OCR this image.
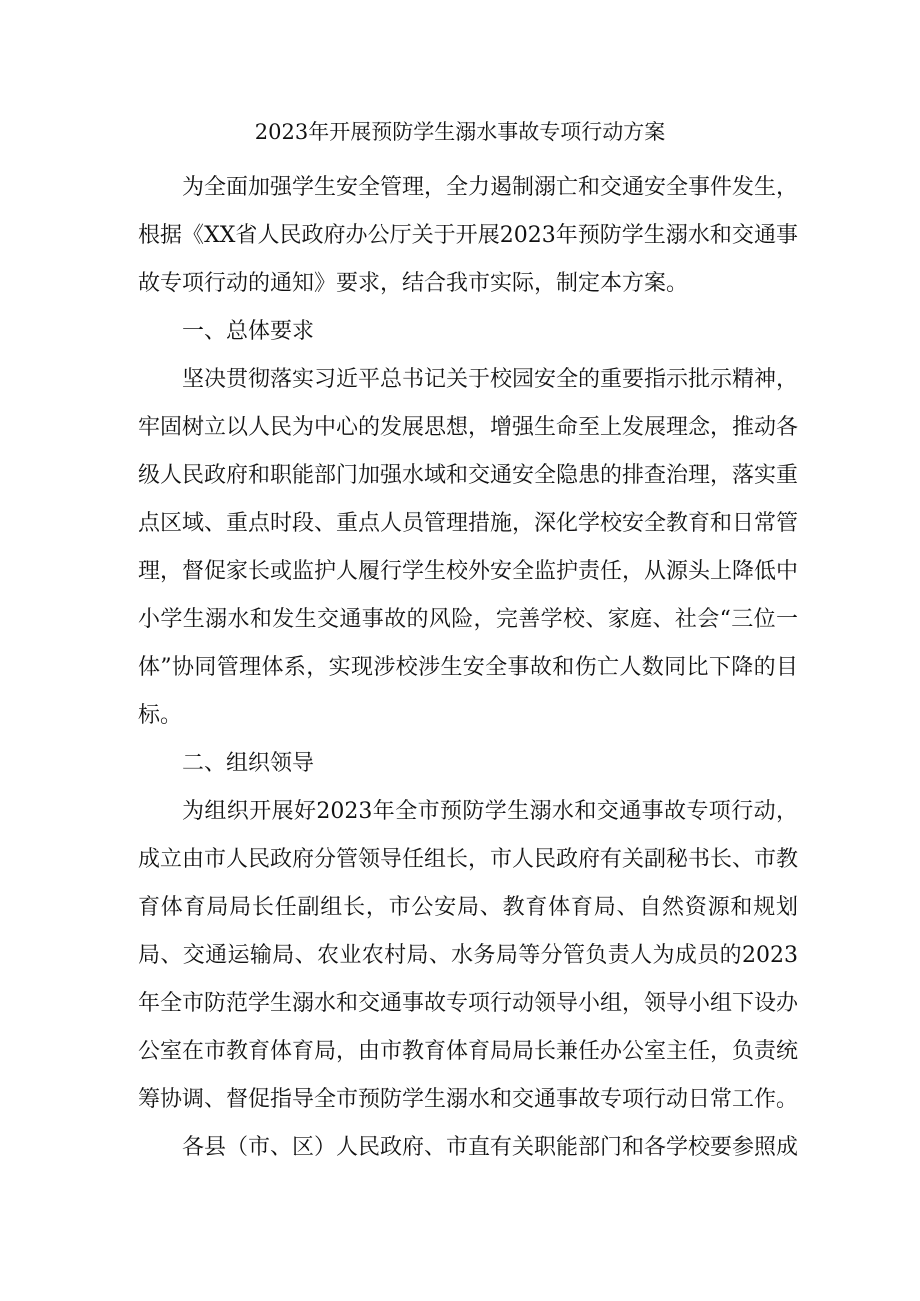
2023年开展预防学生溺水事故专项行动方案

为全面加强学生安全管理，全力遏制溺亡和交通安全事件发生，根据《XX省人民政府办公厅关于开展2023年预防学生溺水和交通事故专项行动的通知》要求，结合我市实际，制定本方案。

一、总体要求

坚决贯彻落实习近平总书记关于校园安全的重要指示批示精神，牢固树立以人民为中心的发展思想，增强生命至上发展理念，推动各级人民政府和职能部门加强水域和交通安全隐患的排查治理，落实重点区域、重点时段、重点人员管理措施，深化学校安全教育和日常管理，督促家长或监护人履行学生校外安全监护责任，从源头上降低中小学生溺水和发生交通事故的风险，完善学校、家庭、社会“三位一体”协同管理体系，实现涉校涉生安全事故和伤亡人数同比下降的目标。

二、组织领导

为组织开展好2023年全市预防学生溺水和交通事故专项行动，成立由市人民政府分管领导任组长，市人民政府有关副秘书长、市教育体育局局长任副组长，市公安局、教育体育局、自然资源和规划局、交通运输局、农业农村局、水务局等分管负责人为成员的2023年全市防范学生溺水和交通事故专项行动领导小组，领导小组下设办公室在市教育体育局，由市教育体育局局长兼任办公室主任，负责统筹协调、督促指导全市预防学生溺水和交通事故专项行动日常工作。

各县（市、区）人民政府、市直有关职能部门和各学校要参照成
